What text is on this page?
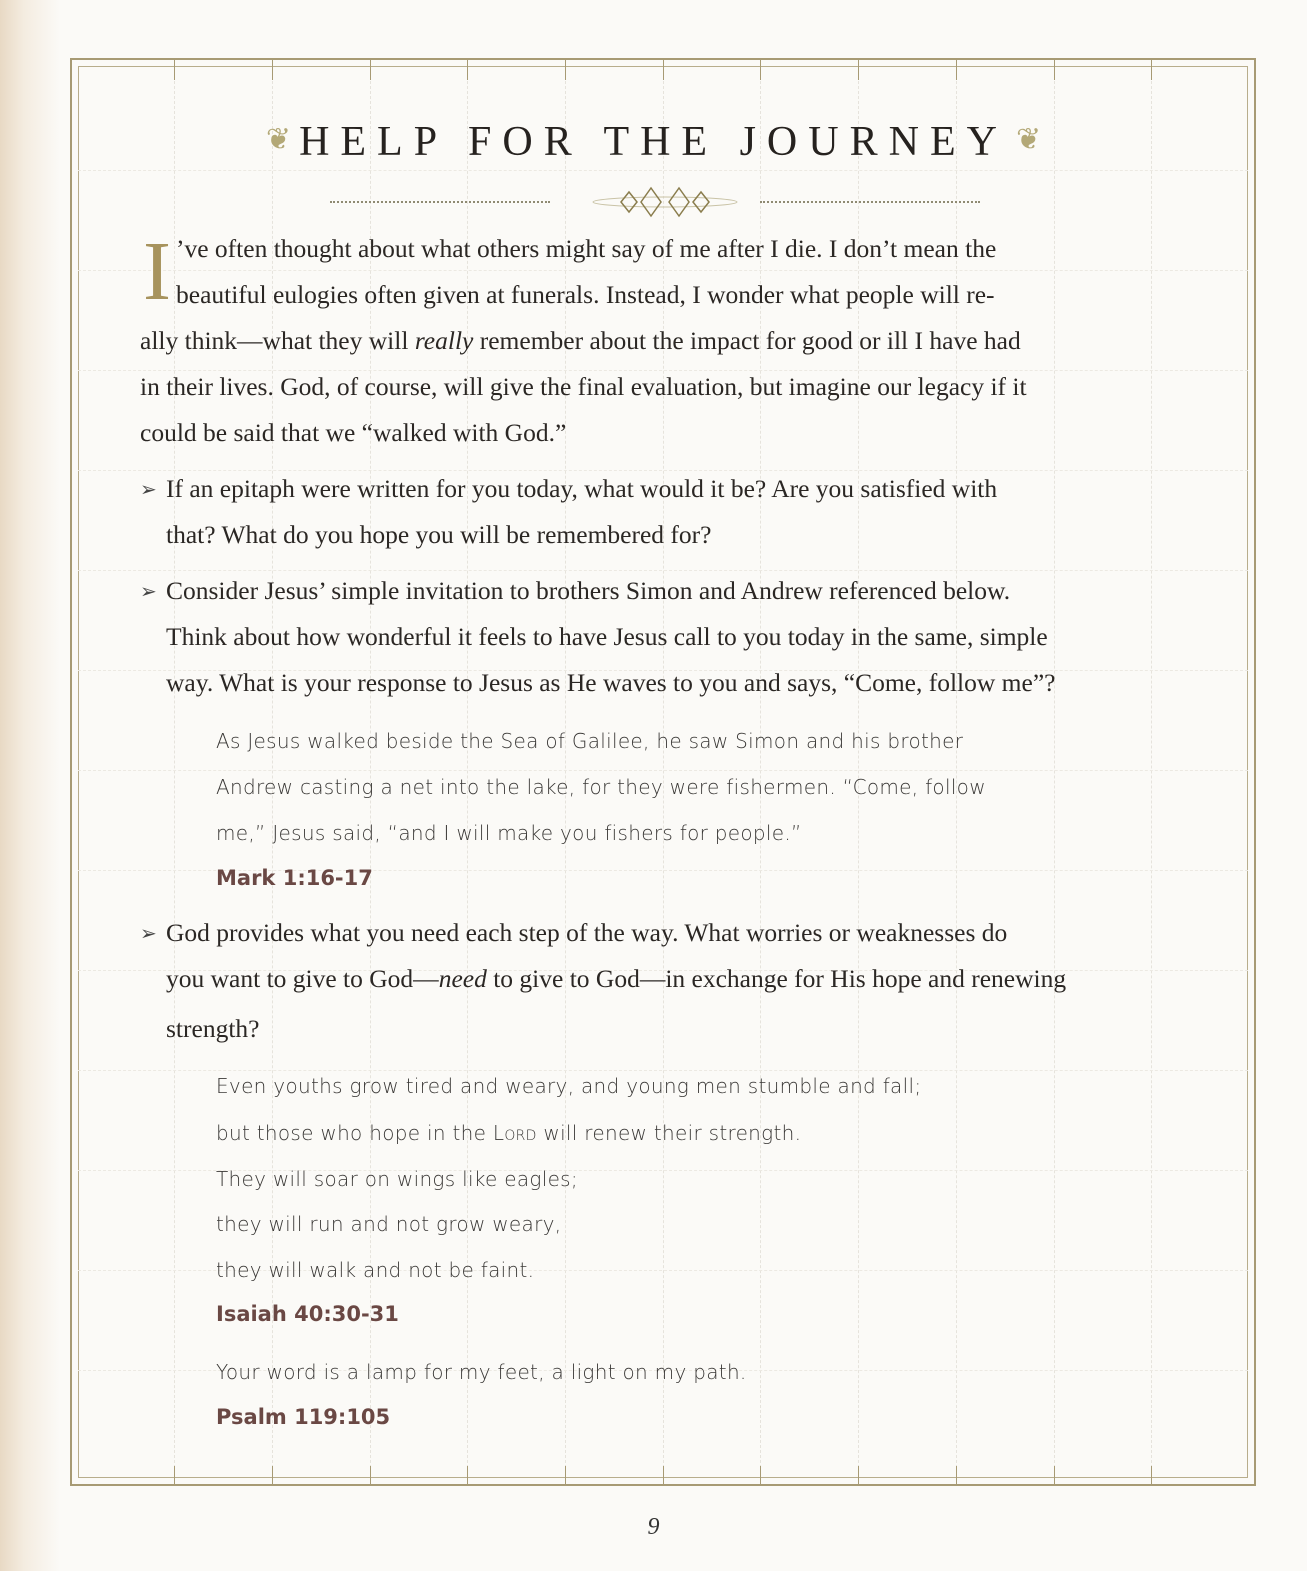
❦ HELP FOR THE JOURNEY ❦
I ’ve often thought about what others might say of me after I die. I don’t mean the
beautiful eulogies often given at funerals. Instead, I wonder what people will re-
ally think—what they will really remember about the impact for good or ill I have had
in their lives. God, of course, will give the final evaluation, but imagine our legacy if it
could be said that we “walked with God.”
If an epitaph were written for you today, what would it be? Are you satisfied with
➢
that? What do you hope you will be remembered for?
Consider Jesus’ simple invitation to brothers Simon and Andrew referenced below.
➢
Think about how wonderful it feels to have Jesus call to you today in the same, simple
way. What is your response to Jesus as He waves to you and says, “Come, follow me”?
As Jesus walked beside the Sea of Galilee, he saw Simon and his brother
Andrew casting a net into the lake, for they were fishermen. “Come, follow
me,” Jesus said, “and I will make you fishers for people.”
Mark 1:16-17
God provides what you need each step of the way. What worries or weaknesses do
➢
you want to give to God—need to give to God—in exchange for His hope and renewing
strength?
Even youths grow tired and weary, and young men stumble and fall;
but those who hope in the Lord will renew their strength.
They will soar on wings like eagles;
they will run and not grow weary,
they will walk and not be faint.
Isaiah 40:30-31
Your word is a lamp for my feet, a light on my path.
Psalm 119:105
9
